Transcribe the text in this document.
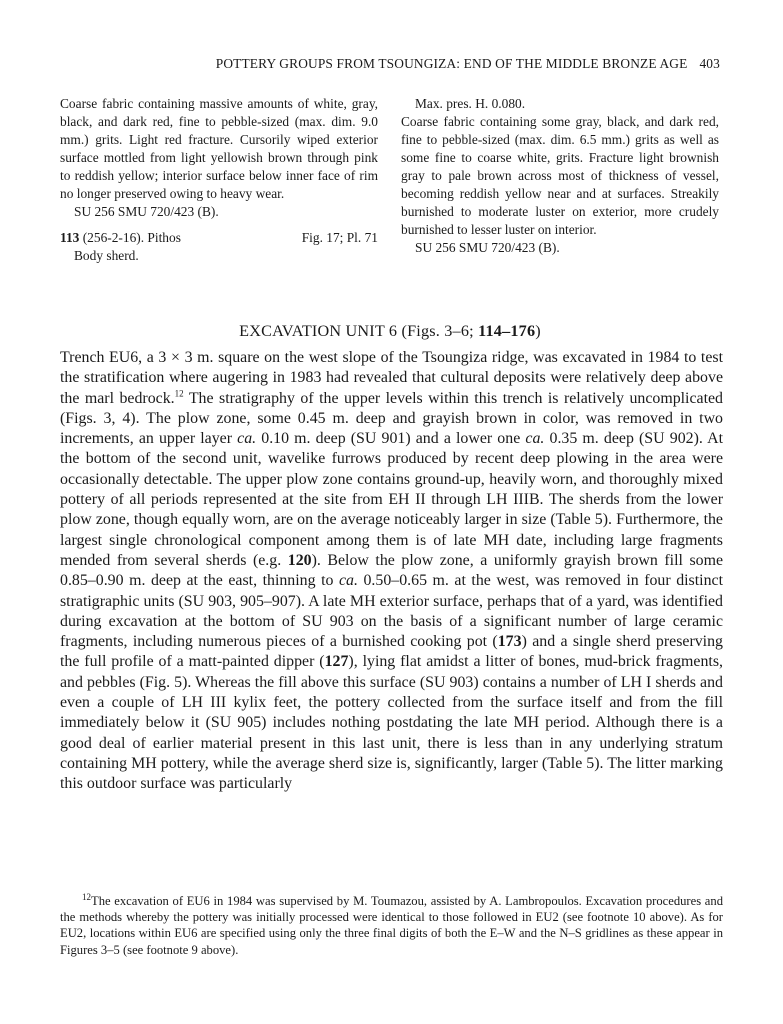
POTTERY GROUPS FROM TSOUNGIZA: END OF THE MIDDLE BRONZE AGE 403

Coarse fabric containing massive amounts of white, gray, black, and dark red, fine to pebble-sized (max. dim. 9.0 mm.) grits. Light red fracture. Cursorily wiped exterior surface mottled from light yellowish brown through pink to reddish yellow; interior surface below inner face of rim no longer preserved owing to heavy wear.

SU 256 SMU 720/423 (B).

113 (256-2-16). Pithos	Fig. 17; Pl. 71

Body sherd.

Max. pres. H. 0.080.

Coarse fabric containing some gray, black, and dark red, fine to pebble-sized (max. dim. 6.5 mm.) grits as well as some fine to coarse white, grits. Fracture light brownish gray to pale brown across most of thickness of vessel, becoming reddish yellow near and at surfaces. Streakily burnished to moderate luster on exterior, more crudely burnished to lesser luster on interior.

SU 256 SMU 720/423 (B).

EXCAVATION UNIT 6 (Figs. 3–6; 114–176)

Trench EU6, a 3 × 3 m. square on the west slope of the Tsoungiza ridge, was excavated in 1984 to test the stratification where augering in 1983 had revealed that cultural deposits were relatively deep above the marl bedrock.$^{12}$ The stratigraphy of the upper levels within this trench is relatively uncomplicated (Figs. 3, 4). The plow zone, some 0.45 m. deep and grayish brown in color, was removed in two increments, an upper layer ca. 0.10 m. deep (SU 901) and a lower one ca. 0.35 m. deep (SU 902). At the bottom of the second unit, wavelike furrows produced by recent deep plowing in the area were occasionally detectable. The upper plow zone contains ground-up, heavily worn, and thoroughly mixed pottery of all periods represented at the site from EH II through LH IIIB. The sherds from the lower plow zone, though equally worn, are on the average noticeably larger in size (Table 5). Furthermore, the largest single chronological component among them is of late MH date, including large fragments mended from several sherds (e.g. 120). Below the plow zone, a uniformly grayish brown fill some 0.85–0.90 m. deep at the east, thinning to ca. 0.50–0.65 m. at the west, was removed in four distinct stratigraphic units (SU 903, 905–907). A late MH exterior surface, perhaps that of a yard, was identified during excavation at the bottom of SU 903 on the basis of a significant number of large ceramic fragments, including numerous pieces of a burnished cooking pot (173) and a single sherd preserving the full profile of a matt-painted dipper (127), lying flat amidst a litter of bones, mud-brick fragments, and pebbles (Fig. 5). Whereas the fill above this surface (SU 903) contains a number of LH I sherds and even a couple of LH III kylix feet, the pottery collected from the surface itself and from the fill immediately below it (SU 905) includes nothing postdating the late MH period. Although there is a good deal of earlier material present in this last unit, there is less than in any underlying stratum containing MH pottery, while the average sherd size is, significantly, larger (Table 5). The litter marking this outdoor surface was particularly

$^{12}$The excavation of EU6 in 1984 was supervised by M. Toumazou, assisted by A. Lambropoulos. Excavation procedures and the methods whereby the pottery was initially processed were identical to those followed in EU2 (see footnote 10 above). As for EU2, locations within EU6 are specified using only the three final digits of both the E–W and the N–S gridlines as these appear in Figures 3–5 (see footnote 9 above).
